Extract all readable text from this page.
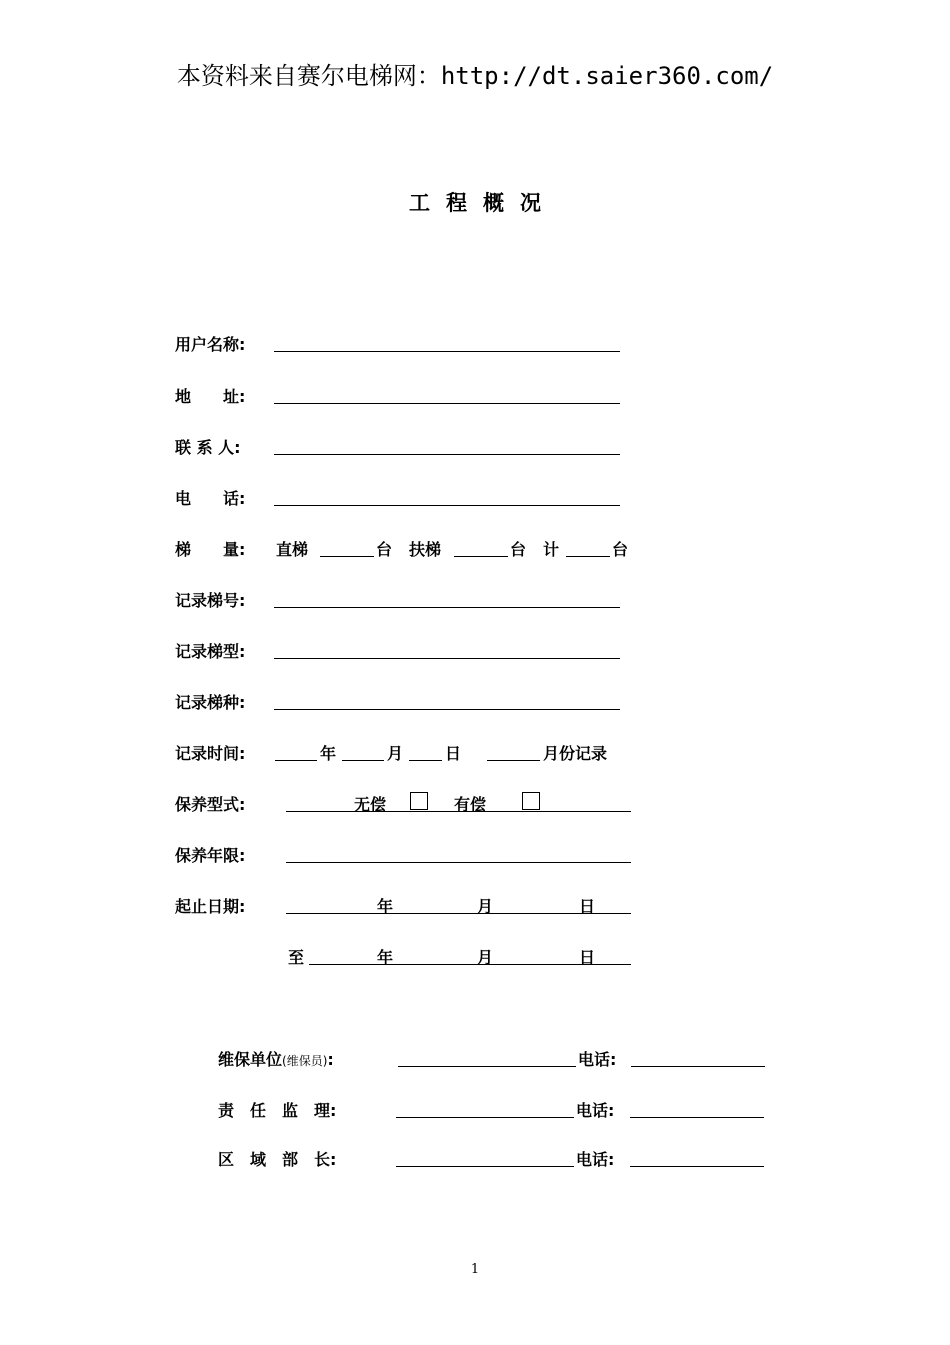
本资料来自赛尔电梯网：http://dt.saier360.com/
工程概况
用户名称:
地　　址:
联 系 人:
电　　话:
梯　　量: 直梯	台 扶梯	台 计	台
记录梯号:
记录梯型:
记录梯种:
记录时间:	年	月	日	月份记录
保养型式:	无偿	有偿
保养年限:
起止日期:	年	月	日
至	年	月	日
维保单位(维保员):	电话:
责　任　监　理:	电话:
区　域　部　长:	电话:
1
